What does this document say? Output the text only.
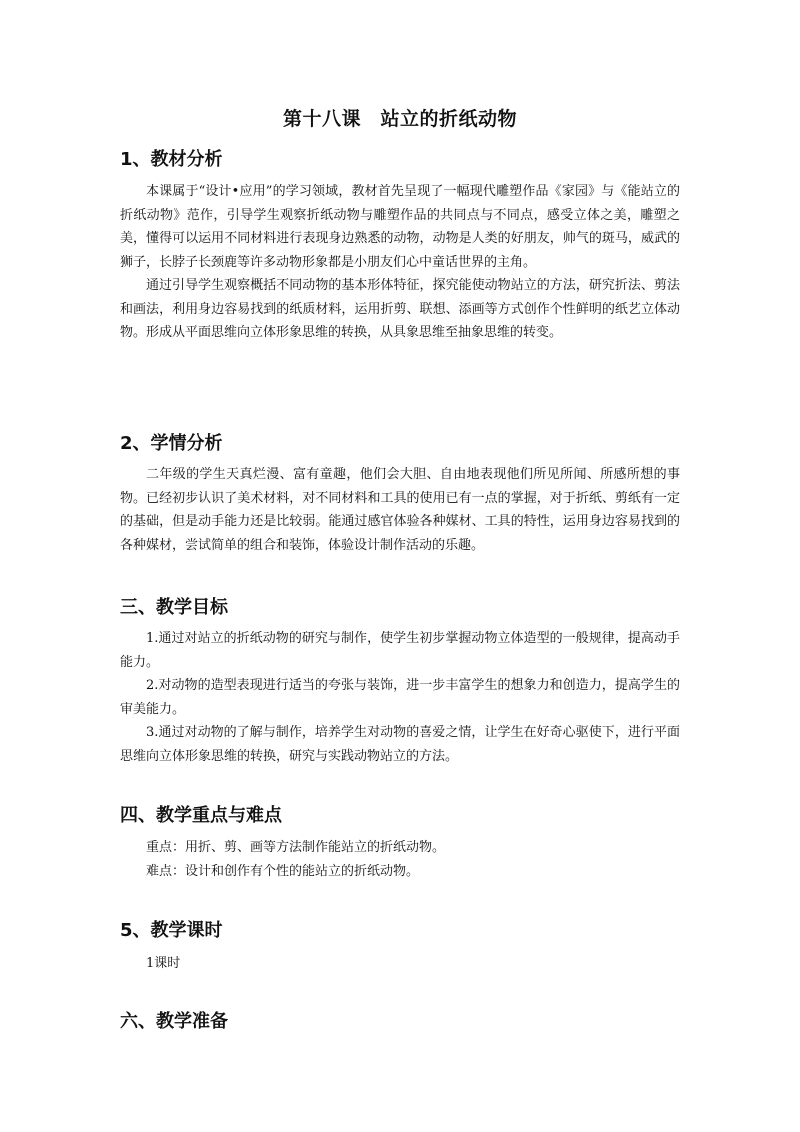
第十八课　站立的折纸动物
1、教材分析

本课属于“设计•应用”的学习领域，教材首先呈现了一幅现代雕塑作品《家园》与《能站立的折纸动物》范作，引导学生观察折纸动物与雕塑作品的共同点与不同点，感受立体之美，雕塑之美，懂得可以运用不同材料进行表现身边熟悉的动物，动物是人类的好朋友，帅气的斑马，威武的狮子，长脖子长颈鹿等许多动物形象都是小朋友们心中童话世界的主角。

通过引导学生观察概括不同动物的基本形体特征，探究能使动物站立的方法，研究折法、剪法和画法，利用身边容易找到的纸质材料，运用折剪、联想、添画等方式创作个性鲜明的纸艺立体动物。形成从平面思维向立体形象思维的转换，从具象思维至抽象思维的转变。

2、学情分析

二年级的学生天真烂漫、富有童趣，他们会大胆、自由地表现他们所见所闻、所感所想的事物。已经初步认识了美术材料，对不同材料和工具的使用已有一点的掌握，对于折纸、剪纸有一定的基础，但是动手能力还是比较弱。能通过感官体验各种媒材、工具的特性，运用身边容易找到的各种媒材，尝试简单的组合和装饰，体验设计制作活动的乐趣。

三、教学目标

1.通过对站立的折纸动物的研究与制作，使学生初步掌握动物立体造型的一般规律，提高动手能力。

2.对动物的造型表现进行适当的夸张与装饰，进一步丰富学生的想象力和创造力，提高学生的审美能力。

3.通过对动物的了解与制作，培养学生对动物的喜爱之情，让学生在好奇心驱使下，进行平面思维向立体形象思维的转换，研究与实践动物站立的方法。

四、教学重点与难点

重点：用折、剪、画等方法制作能站立的折纸动物。

难点：设计和创作有个性的能站立的折纸动物。

5、教学课时

1课时

六、教学准备
